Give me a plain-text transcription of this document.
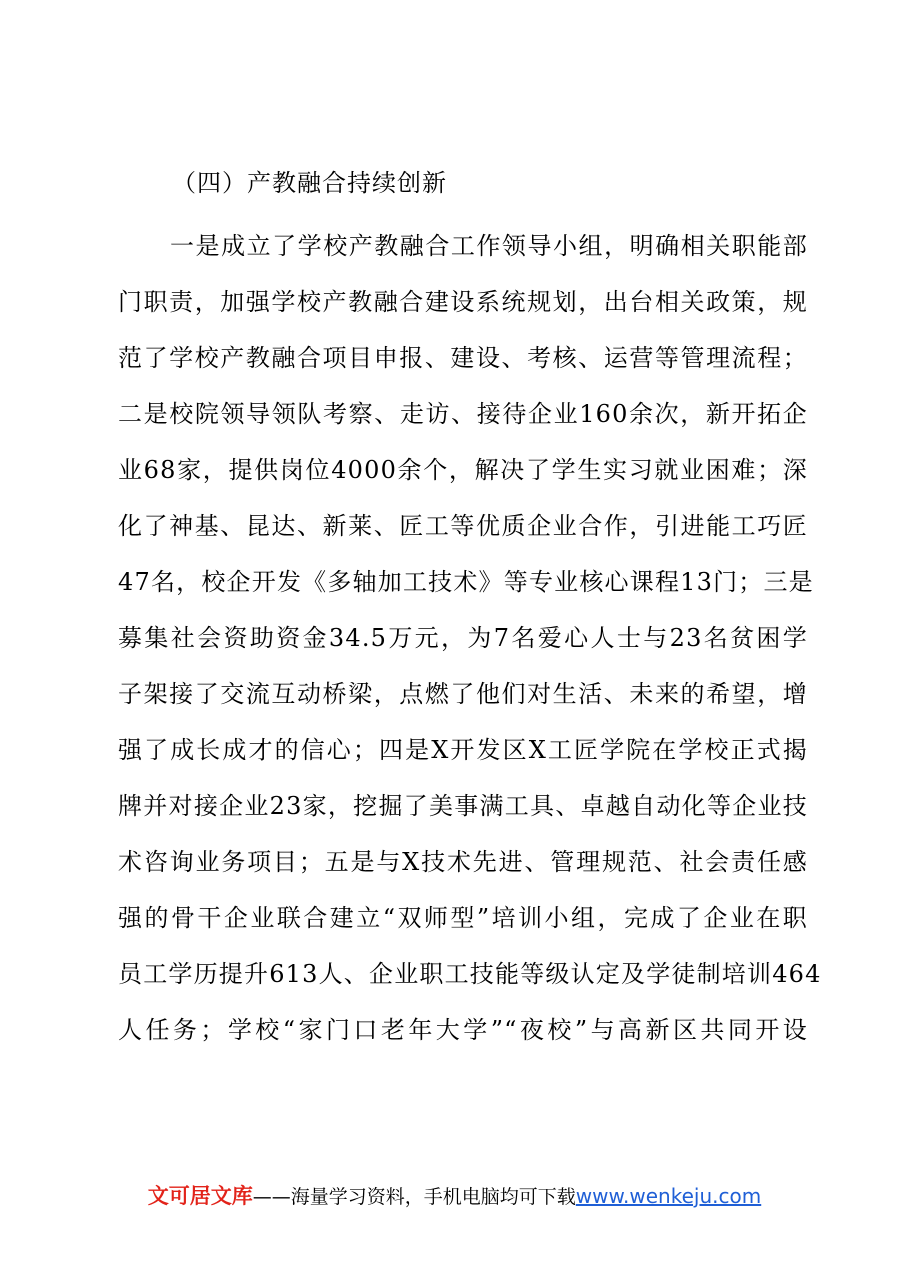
（四）产教融合持续创新
一是成立了学校产教融合工作领导小组，明确相关职能部
门职责，加强学校产教融合建设系统规划，出台相关政策，规
范了学校产教融合项目申报、建设、考核、运营等管理流程；
二是校院领导领队考察、走访、接待企业160余次，新开拓企
业68家，提供岗位4000余个，解决了学生实习就业困难；深
化了神基、昆达、新莱、匠工等优质企业合作，引进能工巧匠
47名，校企开发《多轴加工技术》等专业核心课程13门；三是
募集社会资助资金34.5万元，为7名爱心人士与23名贫困学
子架接了交流互动桥梁，点燃了他们对生活、未来的希望，增
强了成长成才的信心；四是X开发区X工匠学院在学校正式揭
牌并对接企业23家，挖掘了美事满工具、卓越自动化等企业技
术咨询业务项目；五是与X技术先进、管理规范、社会责任感
强的骨干企业联合建立“双师型”培训小组，完成了企业在职
员工学历提升613人、企业职工技能等级认定及学徒制培训464
人任务；学校“家门口老年大学”“夜校”与高新区共同开设
文可居文库——海量学习资料，手机电脑均可下载www.wenkeju.com
